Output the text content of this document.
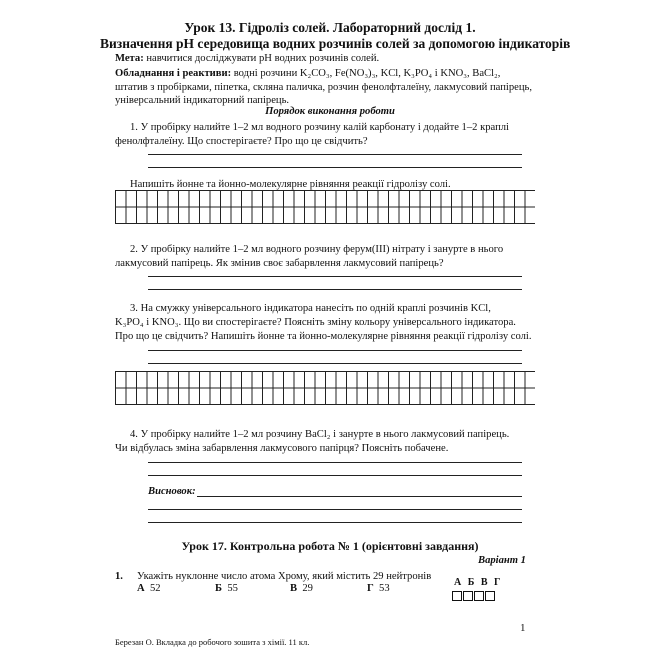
Урок 13. Гідроліз солей. Лабораторний дослід 1.
Визначення pH середовища водних розчинів солей за допомогою індикаторів
Мета: навчитися досліджувати pH водних розчинів солей.
Обладнання і реактиви: водні розчини K₂CO₃, Fe(NO₃)₃, KCl, K₃PO₄ і KNO₃, BaCl₂,
штатив з пробірками, піпетка, скляна паличка, розчин фенолфталеїну, лакмусовий папірець,
універсальний індикаторний папірець.
Порядок виконання роботи
1. У пробірку налийте 1–2 мл водного розчину калій карбонату і додайте 1–2 краплі
фенолфталеїну. Що спостерігаєте? Про що це свідчить?
Напишіть йонне та йонно-молекулярне рівняння реакції гідролізу солі.
2. У пробірку налийте 1–2 мл водного розчину ферум(ІІІ) нітрату і занурте в нього
лакмусовий папірець. Як змінив своє забарвлення лакмусовий папірець?
3. На смужку універсального індикатора нанесіть по одній краплі розчинів KCl,
K₃PO₄ і KNO₃. Що ви спостерігаєте? Поясніть зміну кольору універсального індикатора.
Про що це свідчить? Напишіть йонне та йонно-молекулярне рівняння реакції гідролізу солі.
4. У пробірку налийте 1–2 мл розчину BaCl₂ і занурте в нього лакмусовий папірець.
Чи відбулась зміна забарвлення лакмусового папірця? Поясніть побачене.
Висновок:
Урок 17. Контрольна робота № 1 (орієнтовні завдання)
Варіант 1
1. Укажіть нуклонне число атома Хрому, який містить 29 нейтронів
А 52	Б 55	В 29	Г 53
А Б В Г
1
Березан О. Вкладка до робочого зошита з хімії. 11 кл.
